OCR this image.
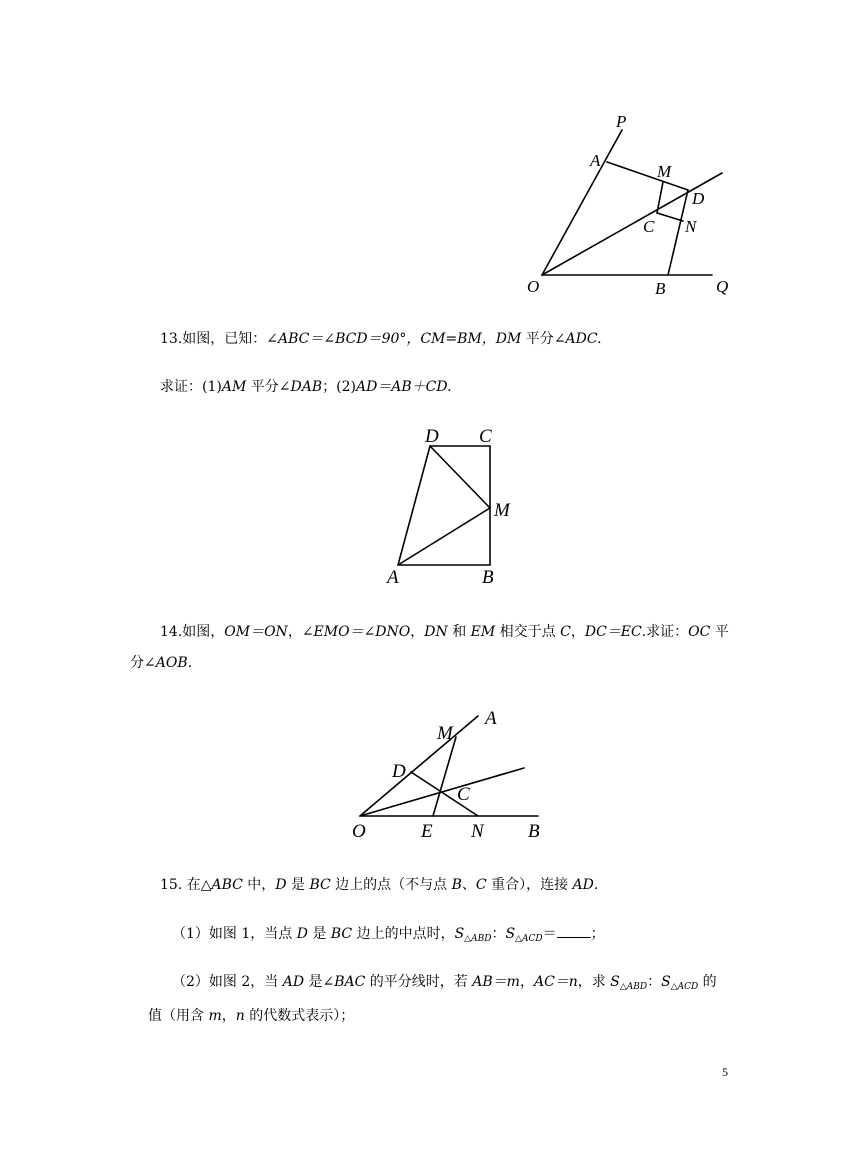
P
A
M
D
C N
O	B	Q
13.如图，已知：∠ABC＝∠BCD＝90°，CM=BM，DM 平分∠ADC.
求证：(1)AM 平分∠DAB；(2)AD＝AB＋CD.
D C
M
A	B
14.如图，OM＝ON，∠EMO＝∠DNO，DN 和 EM 相交于点 C，DC＝EC.求证：OC 平
分∠AOB.
M
A
D
C
O	E N B
15. 在△ABC 中，D 是 BC 边上的点（不与点 B、C 重合），连接 AD.
（1）如图 1，当点 D 是 BC 边上的中点时，$S_{\triangle ABD}$：$S_{\triangle ACD}=$ ；
（2）如图 2，当 AD 是∠BAC 的平分线时，若 AB＝m，AC＝n，求 $S_{\triangle ABD}$：$S_{\triangle ACD}$ 的
值（用含 m，n 的代数式表示）；
5
